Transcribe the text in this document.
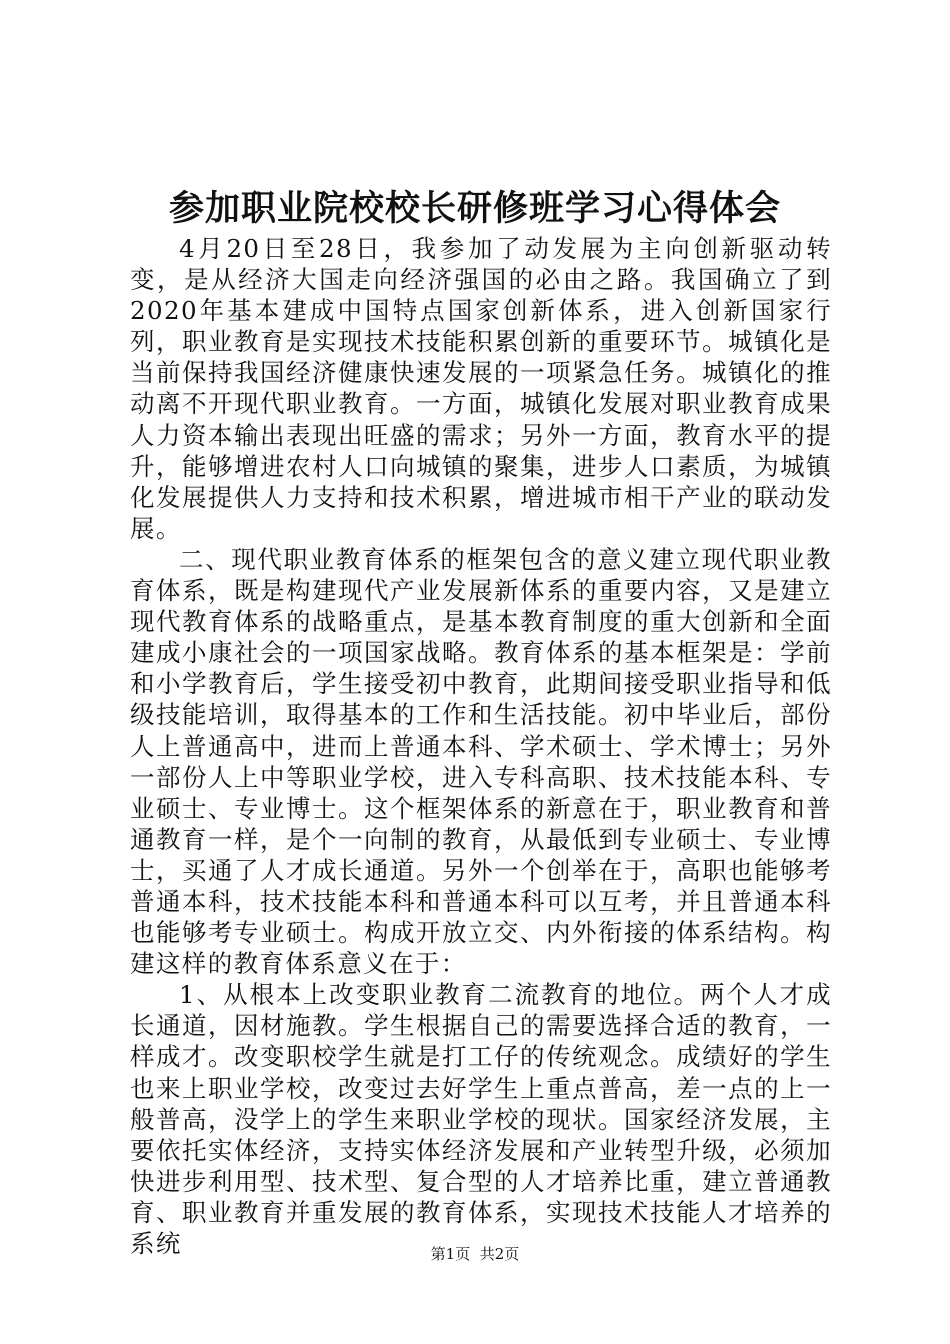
参加职业院校校长研修班学习心得体会

4月20日至28日，我参加了动发展为主向创新驱动转变，是从经济大国走向经济强国的必由之路。我国确立了到2020年基本建成中国特点国家创新体系，进入创新国家行列，职业教育是实现技术技能积累创新的重要环节。城镇化是当前保持我国经济健康快速发展的一项紧急任务。城镇化的推动离不开现代职业教育。一方面，城镇化发展对职业教育成果人力资本输出表现出旺盛的需求；另外一方面，教育水平的提升，能够增进农村人口向城镇的聚集，进步人口素质，为城镇化发展提供人力支持和技术积累，增进城市相干产业的联动发展。

二、现代职业教育体系的框架包含的意义建立现代职业教育体系，既是构建现代产业发展新体系的重要内容，又是建立现代教育体系的战略重点，是基本教育制度的重大创新和全面建成小康社会的一项国家战略。教育体系的基本框架是：学前和小学教育后，学生接受初中教育，此期间接受职业指导和低级技能培训，取得基本的工作和生活技能。初中毕业后，部份人上普通高中，进而上普通本科、学术硕士、学术博士；另外一部份人上中等职业学校，进入专科高职、技术技能本科、专业硕士、专业博士。这个框架体系的新意在于，职业教育和普通教育一样，是个一向制的教育，从最低到专业硕士、专业博士，买通了人才成长通道。另外一个创举在于，高职也能够考普通本科，技术技能本科和普通本科可以互考，并且普通本科也能够考专业硕士。构成开放立交、内外衔接的体系结构。构建这样的教育体系意义在于：

1、从根本上改变职业教育二流教育的地位。两个人才成长通道，因材施教。学生根据自己的需要选择合适的教育，一样成才。改变职校学生就是打工仔的传统观念。成绩好的学生也来上职业学校，改变过去好学生上重点普高，差一点的上一般普高，没学上的学生来职业学校的现状。国家经济发展，主要依托实体经济，支持实体经济发展和产业转型升级，必须加快进步利用型、技术型、复合型的人才培养比重，建立普通教育、职业教育并重发展的教育体系，实现技术技能人才培养的系统	第1页 共2页
